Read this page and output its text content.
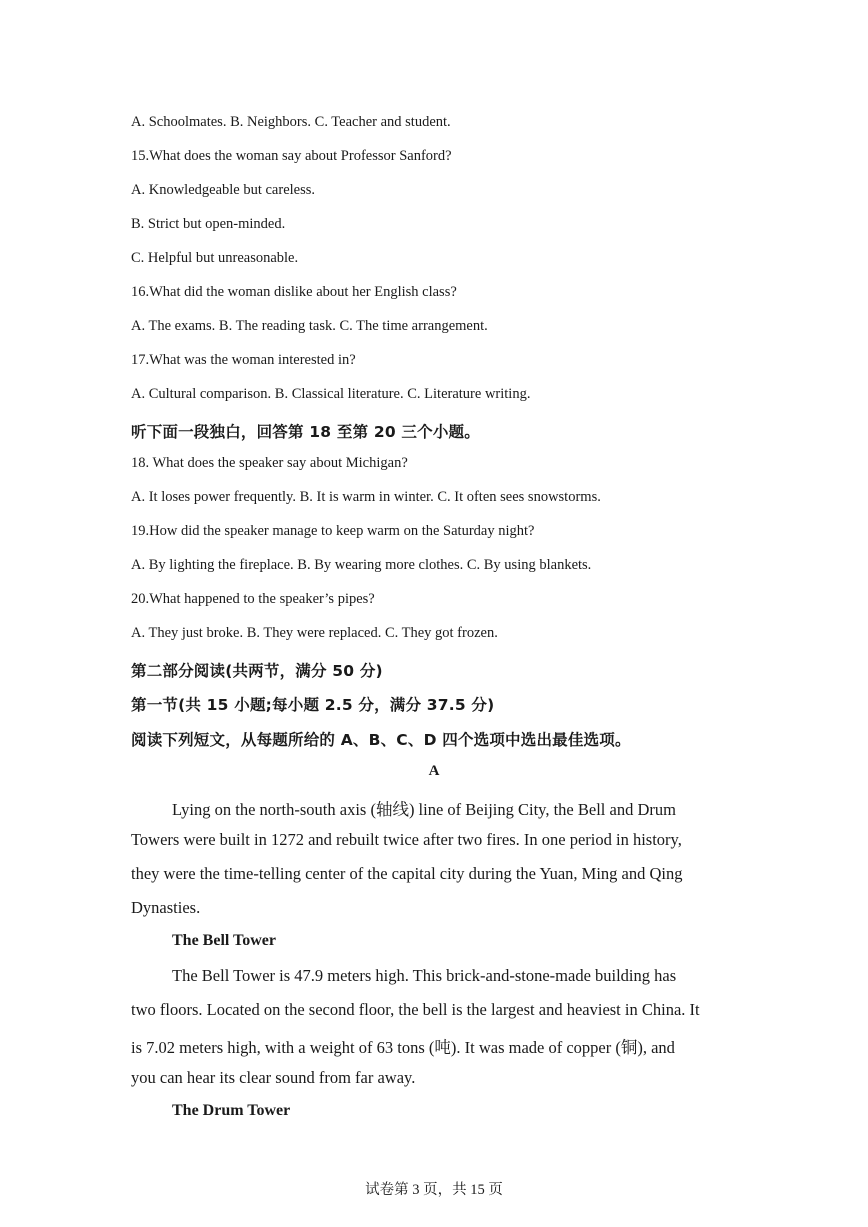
A. Schoolmates. B. Neighbors. C. Teacher and student.
15.What does the woman say about Professor Sanford?
A. Knowledgeable but careless.
B. Strict but open-minded.
C. Helpful but unreasonable.
16.What did the woman dislike about her English class?
A. The exams. B. The reading task. C. The time arrangement.
17.What was the woman interested in?
A. Cultural comparison. B. Classical literature. C. Literature writing.
听下面一段独白，回答第 18 至第 20 三个小题。
18. What does the speaker say about Michigan?
A. It loses power frequently. B. It is warm in winter. C. It often sees snowstorms.
19.How did the speaker manage to keep warm on the Saturday night?
A. By lighting the fireplace. B. By wearing more clothes. C. By using blankets.
20.What happened to the speaker’s pipes?
A. They just broke. B. They were replaced. C. They got frozen.
第二部分阅读(共两节，满分 50 分)
第一节(共 15 小题;每小题 2.5 分，满分 37.5 分)
阅读下列短文，从每题所给的 A、B、C、D 四个选项中选出最佳选项。
A
Lying on the north-south axis (轴线) line of Beijing City, the Bell and Drum
Towers were built in 1272 and rebuilt twice after two fires. In one period in history,
they were the time-telling center of the capital city during the Yuan, Ming and Qing
Dynasties.
The Bell Tower
The Bell Tower is 47.9 meters high. This brick-and-stone-made building has
two floors. Located on the second floor, the bell is the largest and heaviest in China. It
is 7.02 meters high, with a weight of 63 tons (吨). It was made of copper (铜), and
you can hear its clear sound from far away.
The Drum Tower
试卷第 3 页，共 15 页
